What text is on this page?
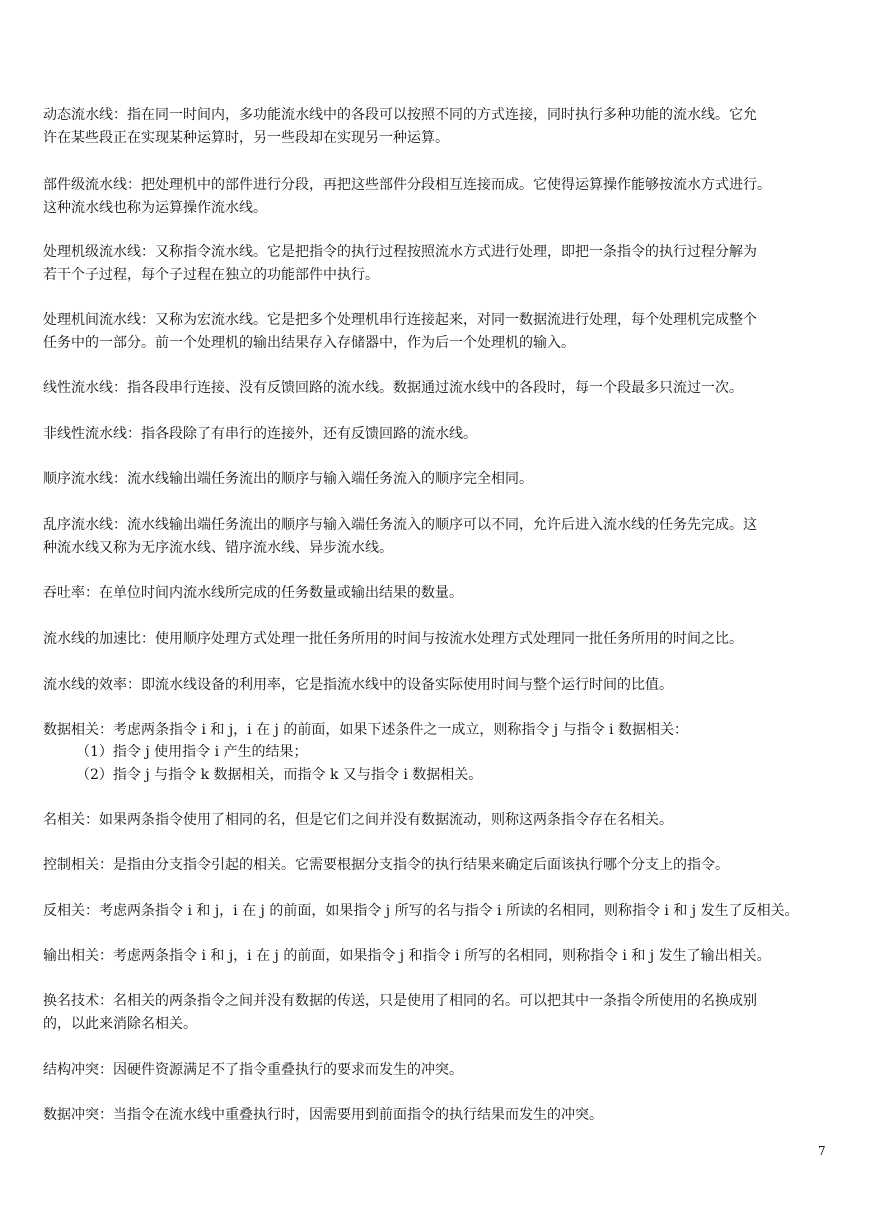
动态流水线：指在同一时间内，多功能流水线中的各段可以按照不同的方式连接，同时执行多种功能的流水线。它允
许在某些段正在实现某种运算时，另一些段却在实现另一种运算。

部件级流水线：把处理机中的部件进行分段，再把这些部件分段相互连接而成。它使得运算操作能够按流水方式进行。
这种流水线也称为运算操作流水线。

处理机级流水线：又称指令流水线。它是把指令的执行过程按照流水方式进行处理，即把一条指令的执行过程分解为
若干个子过程，每个子过程在独立的功能部件中执行。

处理机间流水线：又称为宏流水线。它是把多个处理机串行连接起来，对同一数据流进行处理，每个处理机完成整个
任务中的一部分。前一个处理机的输出结果存入存储器中，作为后一个处理机的输入。

线性流水线：指各段串行连接、没有反馈回路的流水线。数据通过流水线中的各段时，每一个段最多只流过一次。

非线性流水线：指各段除了有串行的连接外，还有反馈回路的流水线。

顺序流水线：流水线输出端任务流出的顺序与输入端任务流入的顺序完全相同。

乱序流水线：流水线输出端任务流出的顺序与输入端任务流入的顺序可以不同，允许后进入流水线的任务先完成。这
种流水线又称为无序流水线、错序流水线、异步流水线。

吞吐率：在单位时间内流水线所完成的任务数量或输出结果的数量。

流水线的加速比：使用顺序处理方式处理一批任务所用的时间与按流水处理方式处理同一批任务所用的时间之比。

流水线的效率：即流水线设备的利用率，它是指流水线中的设备实际使用时间与整个运行时间的比值。

数据相关：考虑两条指令 i 和 j，i 在 j 的前面，如果下述条件之一成立，则称指令 j 与指令 i 数据相关：

（1）指令 j 使用指令 i 产生的结果；

（2）指令 j 与指令 k 数据相关，而指令 k 又与指令 i 数据相关。

名相关：如果两条指令使用了相同的名，但是它们之间并没有数据流动，则称这两条指令存在名相关。

控制相关：是指由分支指令引起的相关。它需要根据分支指令的执行结果来确定后面该执行哪个分支上的指令。

反相关：考虑两条指令 i 和 j，i 在 j 的前面，如果指令 j 所写的名与指令 i 所读的名相同，则称指令 i 和 j 发生了反相关。

输出相关：考虑两条指令 i 和 j，i 在 j 的前面，如果指令 j 和指令 i 所写的名相同，则称指令 i 和 j 发生了输出相关。

换名技术：名相关的两条指令之间并没有数据的传送，只是使用了相同的名。可以把其中一条指令所使用的名换成别
的，以此来消除名相关。

结构冲突：因硬件资源满足不了指令重叠执行的要求而发生的冲突。

数据冲突：当指令在流水线中重叠执行时，因需要用到前面指令的执行结果而发生的冲突。

7
